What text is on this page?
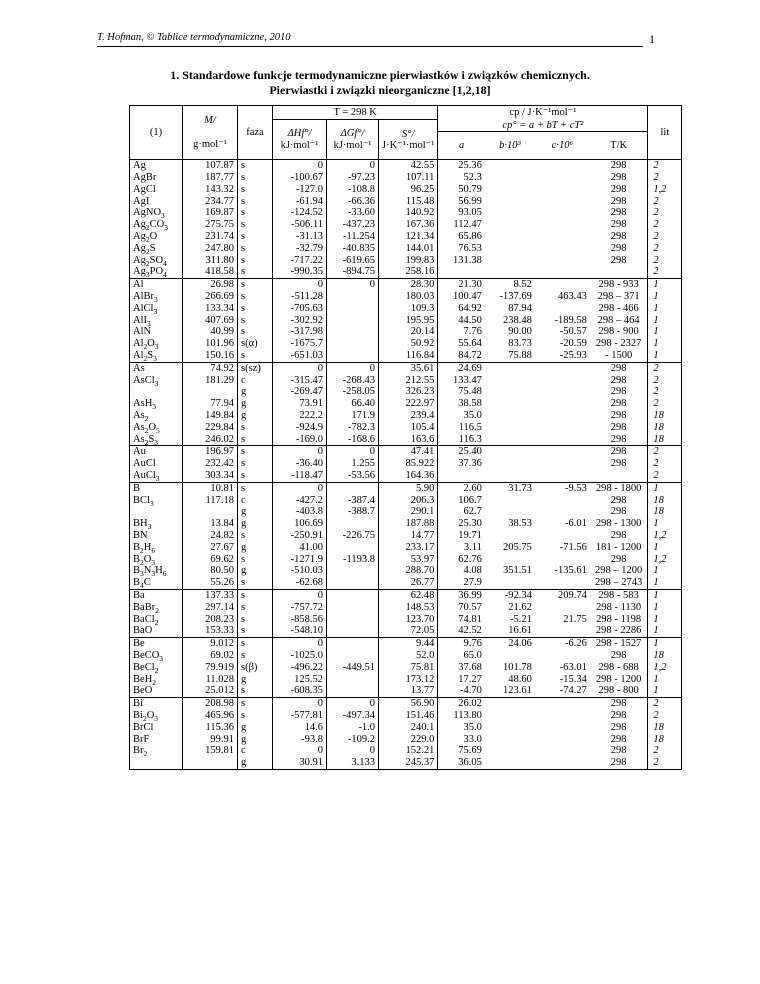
T. Hofman, © Tablice termodynamiczne, 2010	1
1. Standardowe funkcje termodynamiczne pierwiastków i związków chemicznych.
Pierwiastki i związki nieorganiczne [1,2,18]
(1)	M/

g·mol⁻¹	faza	T = 298 K			cp / J·K⁻¹mol⁻¹				lit
			ΔHf°/
kJ·mol⁻¹	ΔGf°/
kJ·mol⁻¹	S°/
J·K⁻¹·mol⁻¹	cp° = a + bT + cT²				
						a	b·10³	c·10⁶	T/K	
Ag	107.87	s	0	0	42.55	25.36			298	2
AgBr	187.77	s	-100.67	-97.23	107.11	52.3			298	2
AgCl	143.32	s	-127.0	-108.8	96.25	50.79			298	1,2
AgI	234.77	s	-61.94	-66.36	115.48	56.99			298	2
AgNO$_3$	169.87	s	-124.52	-33.60	140.92	93.05			298	2
$Ag_2CO_3$	275.75	s	-506.11	-437.23	167.36	112.47			298	2
$Ag_2O$	231.74	s	-31.13	-11.254	121.34	65.86			298	2
$Ag_2S$	247.80	s	-32.79	-40.835	144.01	76.53			298	2
$Ag_2SO_4$	311.80	s	-717.22	-619.65	199.83	131.38			298	2
$Ag_3PO_4$	418.58	s	-990.35	-894.75	258.16					2
Al	26.98	s	0	0	28.30	21.30	8.52		298 - 933	1
AlBr$_3$	266.69	s	-511.28		180.03	100.47	-137.69	463.43	298 – 371	1
AlCl$_3$	133.34	s	-705.63		109.3	64.92	87.94		298 - 466	1
AlI$_3$	407.69	s	-302.92		195.95	44.50	238.48	-189.58	298 – 464	1
AlN	40.99	s	-317.98		20.14	7.76	90.00	-50.57	298 - 900	1
$Al_2O_3$	101.96	s(α)	-1675.7		50.92	55.64	83.73	-20.59	298 - 2327	1
$Al_2S_3$	150.16	s	-651.03		116.84	84.72	75.88	-25.93	- 1500	1
As	74.92	s(sz)	0	0	35.61	24.69			298	2
AsCl$_3$	181.29	c	-315.47	-268.43	212.55	133.47			298	2
		g	-269.47	-258.05	326.23	75.48			298	2
AsH$_3$	77.94	g	73.91	66.40	222.97	38.58			298	2
$As_2$	149.84	g	222.2	171.9	239.4	35.0			298	18
$As_2O_5$	229.84	s	-924.9	-782.3	105.4	116.5			298	18
$As_2S_3$	246.02	s	-169.0	-168.6	163.6	116.3			298	18
Au	196.97	s	0	0	47.41	25.40			298	2
AuCl	232.42	s	-36.40	1.255	85.922	37.36			298	2
AuCl$_3$	303.34	s	-118.47	-53.56	164.36					2
B	10.81	s	0		5.90	2.60	31.73	-9.53	298 - 1800	1
BCl$_3$	117.18	c	-427.2	-387.4	206.3	106.7			298	18
		g	-403.8	-388.7	290.1	62.7			298	18
$BH_3$	13.84	g	106.69		187.88	25.30	38.53	-6.01	298 - 1300	1
BN	24.82	s	-250.91	-226.75	14.77	19.71			298	1,2
$B_2H_6$	27.67	g	41.00		233.17	3.11	205.75	-71.56	181 - 1200	1
$B_2O_3$	69.62	s	-1271.9	-1193.8	53.97	62.76			298	1,2
$B_3N_3H_6$	80.50	g	-510.03		288.70	4.08	351.51	-135.61	298 – 1200	1
$B_4C$	55.26	s	-62.68		26.77	27.9			298 – 2743	1
Ba	137.33	s	0		62.48	36.99	-92.34	209.74	298 - 583	1
BaBr$_2$	297.14	s	-757.72		148.53	70.57	21.62		298 - 1130	1
BaCl$_2$	208.23	s	-858.56		123.70	74.81	-5.21	21.75	298 - 1198	1
BaO	153.33	s	-548.10		72.05	42.52	16.61		298 - 2286	1
Be	9.012	s	0		9.44	9.76	24.06	-6.26	298 - 1527	1
BeCO$_3$	69.02	s	-1025.0		52.0	65.0			298	18
BeCl$_2$	79.919	s(β)	-496.22	-449.51	75.81	37.68	101.78	-63.01	298 - 688	1,2
BeH$_2$	11.028	g	125.52		173.12	17.27	48.60	-15.34	298 - 1200	1
BeO	25.012	s	-608.35		13.77	-4.70	123.61	-74.27	298 - 800	1
Bi	208.98	s	0	0	56.90	26.02			298	2
$Bi_2O_3$	465.96	s	-577.81	-497.34	151.46	113.80			298	2
BrCl	115.36	g	14.6	-1.0	240.1	35.0			298	18
BrF	99.91	g	-93.8	-109.2	229.0	33.0			298	18
$Br_2$	159.81	c	0	0	152.21	75.69			298	2
		g	30.91	3.133	245.37	36.05			298	2
